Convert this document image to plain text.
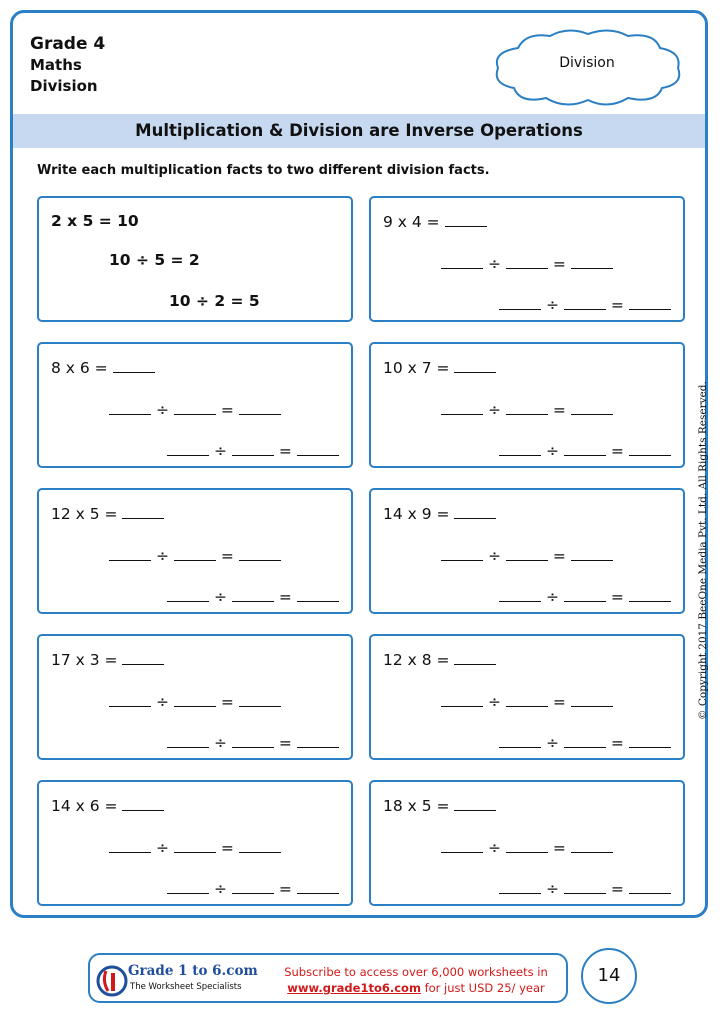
Grade 4
Maths
Division
Division
Multiplication & Division are Inverse Operations
Write each multiplication facts to two different division facts.
2 x 5 = 10
10 ÷ 5 = 2
10 ÷ 2 = 5
9 x 4 =
÷	=
÷	=
8 x 6 =
÷	=
÷	=
10 x 7 =
÷	=
÷	=
12 x 5 =
÷	=
÷	=
14 x 9 =
÷	=
÷	=
17 x 3 =
÷	=
÷	=
12 x 8 =
÷	=
÷	=
14 x 6 =
÷	=
÷	=
18 x 5 =
÷	=
÷	=
© Copyright 2017 BeeOne Media Pvt. Ltd. All Rights Reserved.
Grade 1 to 6.com
The Worksheet Specialists
Subscribe to access over 6,000 worksheets in
www.grade1to6.com for just USD 25/ year
14
